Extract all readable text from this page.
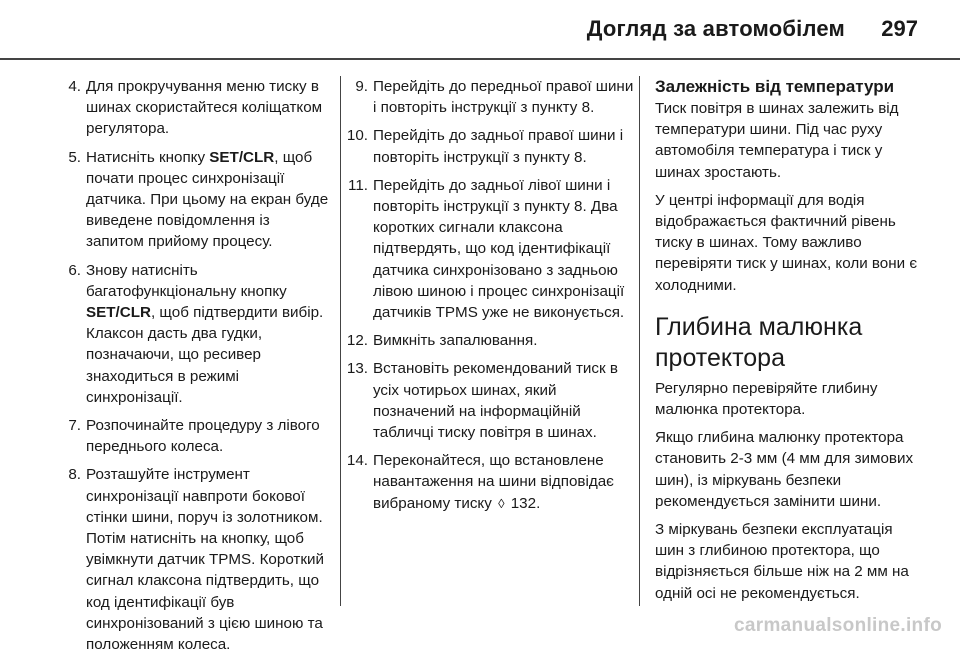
Догляд за автомобілем 297
4. Для прокручування меню тиску в шинах скористайтеся коліщатком регулятора.
5. Натисніть кнопку SET/CLR, щоб почати процес синхронізації датчика. При цьому на екран буде виведене повідомлення із запитом прийому процесу.
6. Знову натисніть багатофункціональну кнопку SET/CLR, щоб підтвердити вибір. Клаксон дасть два гудки, позначаючи, що ресивер знаходиться в режимі синхронізації.
7. Розпочинайте процедуру з лівого переднього колеса.
8. Розташуйте інструмент синхронізації навпроти бокової стінки шини, поруч із золотником. Потім натисніть на кнопку, щоб увімкнути датчик TPMS. Короткий сигнал клаксона підтвердить, що код ідентифікації був синхронізований з цією шиною та положенням колеса.
9. Перейдіть до передньої правої шини і повторіть інструкції з пункту 8.
10. Перейдіть до задньої правої шини і повторіть інструкції з пункту 8.
11. Перейдіть до задньої лівої шини і повторіть інструкції з пункту 8. Два коротких сигнали клаксона підтвердять, що код ідентифікації датчика синхронізовано з задньою лівою шиною і процес синхронізації датчиків TPMS уже не виконується.
12. Вимкніть запалювання.
13. Встановіть рекомендований тиск в усіх чотирьох шинах, який позначений на інформаційній табличці тиску повітря в шинах.
14. Переконайтеся, що встановлене навантаження на шини відповідає вибраному тиску ◊ 132.
Залежність від температури

Тиск повітря в шинах залежить від температури шини. Під час руху автомобіля температура і тиск у шинах зростають.

У центрі інформації для водія відображається фактичний рівень тиску в шинах. Тому важливо перевіряти тиск у шинах, коли вони є холодними.

Глибина малюнка протектора

Регулярно перевіряйте глибину малюнка протектора.

Якщо глибина малюнку протектора становить 2-3 мм (4 мм для зимових шин), із міркувань безпеки рекомендується замінити шини.

З міркувань безпеки експлуатація шин з глибиною протектора, що відрізняється більше ніж на 2 мм на одній осі не рекомендується.

carmanualsonline.info
